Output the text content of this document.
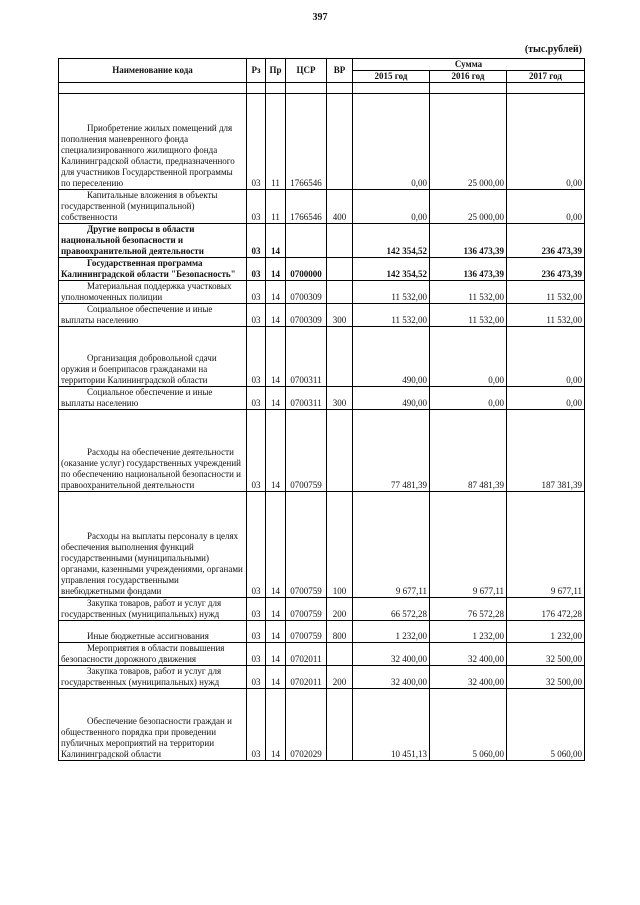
397
(тыс.рублей)
Наименование кода	Рз	Пр	ЦСР	ВР	Сумма		
					2015 год	2016 год	2017 год

Приобретение жилых помещений для пополнения маневренного фонда специализированного жилищного фонда Калининградской области, предназначенного для участников Государственной программы по переселению	03	11	1766546		0,00	25 000,00	0,00
Капитальные вложения в объекты государственной (муниципальной) собственности	03	11	1766546	400	0,00	25 000,00	0,00
Другие вопросы в области национальной безопасности и правоохранительной деятельности	03	14			142 354,52	136 473,39	236 473,39
Государственная программа Калининградской области "Безопасность"	03	14	0700000		142 354,52	136 473,39	236 473,39
Материальная поддержка участковых уполномоченных полиции	03	14	0700309		11 532,00	11 532,00	11 532,00
Социальное обеспечение и иные выплаты населению	03	14	0700309	300	11 532,00	11 532,00	11 532,00
Организация добровольной сдачи оружия и боеприпасов гражданами на территории Калининградской области	03	14	0700311		490,00	0,00	0,00
Социальное обеспечение и иные выплаты населению	03	14	0700311	300	490,00	0,00	0,00
Расходы на обеспечение деятельности (оказание услуг) государственных учреждений по обеспечению национальной безопасности и правоохранительной деятельности	03	14	0700759		77 481,39	87 481,39	187 381,39
Расходы на выплаты персоналу в целях обеспечения выполнения функций государственными (муниципальными) органами, казенными учреждениями, органами управления государственными внебюджетными фондами	03	14	0700759	100	9 677,11	9 677,11	9 677,11
Закупка товаров, работ и услуг для государственных (муниципальных) нужд	03	14	0700759	200	66 572,28	76 572,28	176 472,28
Иные бюджетные ассигнования	03	14	0700759	800	1 232,00	1 232,00	1 232,00
Мероприятия в области повышения безопасности дорожного движения	03	14	0702011		32 400,00	32 400,00	32 500,00
Закупка товаров, работ и услуг для государственных (муниципальных) нужд	03	14	0702011	200	32 400,00	32 400,00	32 500,00
Обеспечение безопасности граждан и общественного порядка при проведении публичных мероприятий на территории Калининградской области	03	14	0702029		10 451,13	5 060,00	5 060,00
